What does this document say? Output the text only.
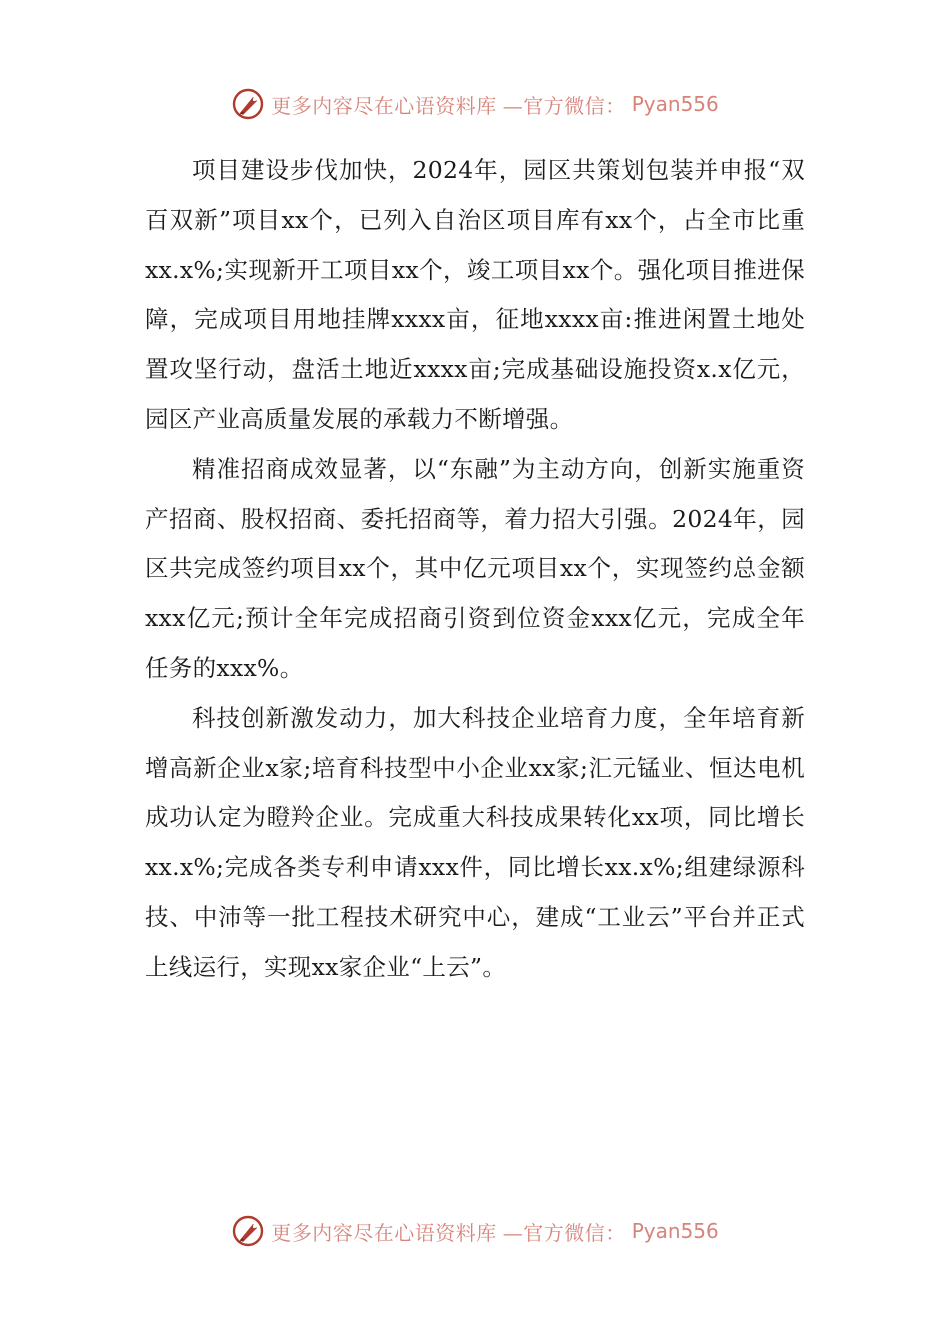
更多内容尽在心语资料库 —官方微信： Pyan556

项目建设步伐加快，2024年，园区共策划包装并申报“双百双新”项目xx个，已列入自治区项目库有xx个，占全市比重xx.x%;实现新开工项目xx个，竣工项目xx个。强化项目推进保障，完成项目用地挂牌xxxx亩，征地xxxx亩:推进闲置土地处置攻坚行动，盘活土地近xxxx亩;完成基础设施投资x.x亿元，园区产业高质量发展的承载力不断增强。

精准招商成效显著，以“东融”为主动方向，创新实施重资产招商、股权招商、委托招商等，着力招大引强。2024年，园区共完成签约项目xx个，其中亿元项目xx个，实现签约总金额xxx亿元;预计全年完成招商引资到位资金xxx亿元，完成全年任务的xxx%。

科技创新激发动力，加大科技企业培育力度，全年培育新增高新企业x家;培育科技型中小企业xx家;汇元锰业、恒达电机成功认定为瞪羚企业。完成重大科技成果转化xx项，同比增长xx.x%;完成各类专利申请xxx件，同比增长xx.x%;组建绿源科技、中沛等一批工程技术研究中心，建成“工业云”平台并正式上线运行，实现xx家企业“上云”。

更多内容尽在心语资料库 —官方微信： Pyan556
